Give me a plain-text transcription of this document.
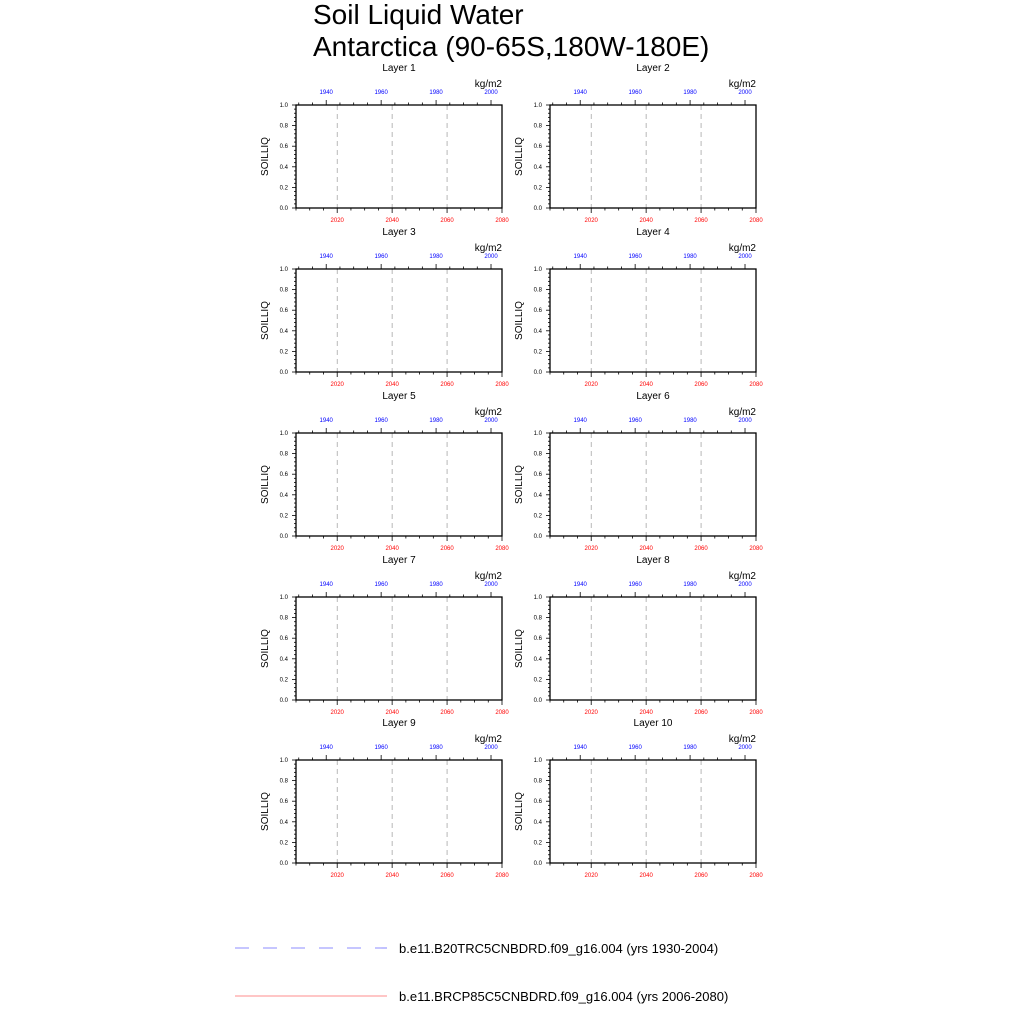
Soil Liquid Water
Antarctica (90-65S,180W-180E)
Layer 1
kg/m2
SOILLIQ
0.0
0.2
0.4
0.6
0.8
1.0
2020	2040	2060	2080
1940	1960	1980	2000
Layer 2
kg/m2
SOILLIQ
0.0
0.2
0.4
0.6
0.8
1.0
2020	2040	2060	2080
1940	1960	1980	2000
Layer 3
kg/m2
SOILLIQ
0.0
0.2
0.4
0.6
0.8
1.0
2020	2040	2060	2080
1940	1960	1980	2000
Layer 4
kg/m2
SOILLIQ
0.0
0.2
0.4
0.6
0.8
1.0
2020	2040	2060	2080
1940	1960	1980	2000
Layer 5
kg/m2
SOILLIQ
0.0
0.2
0.4
0.6
0.8
1.0
2020	2040	2060	2080
1940	1960	1980	2000
Layer 6
kg/m2
SOILLIQ
0.0
0.2
0.4
0.6
0.8
1.0
2020	2040	2060	2080
1940	1960	1980	2000
Layer 7
kg/m2
SOILLIQ
0.0
0.2
0.4
0.6
0.8
1.0
2020	2040	2060	2080
1940	1960	1980	2000
Layer 8
kg/m2
SOILLIQ
0.0
0.2
0.4
0.6
0.8
1.0
2020	2040	2060	2080
1940	1960	1980	2000
Layer 9
kg/m2
SOILLIQ
0.0
0.2
0.4
0.6
0.8
1.0
2020	2040	2060	2080
1940	1960	1980	2000
Layer 10
kg/m2
SOILLIQ
0.0
0.2
0.4
0.6
0.8
1.0
2020	2040	2060	2080
1940	1960	1980	2000
b.e11.B20TRC5CNBDRD.f09_g16.004 (yrs 1930-2004)
b.e11.BRCP85C5CNBDRD.f09_g16.004 (yrs 2006-2080)
